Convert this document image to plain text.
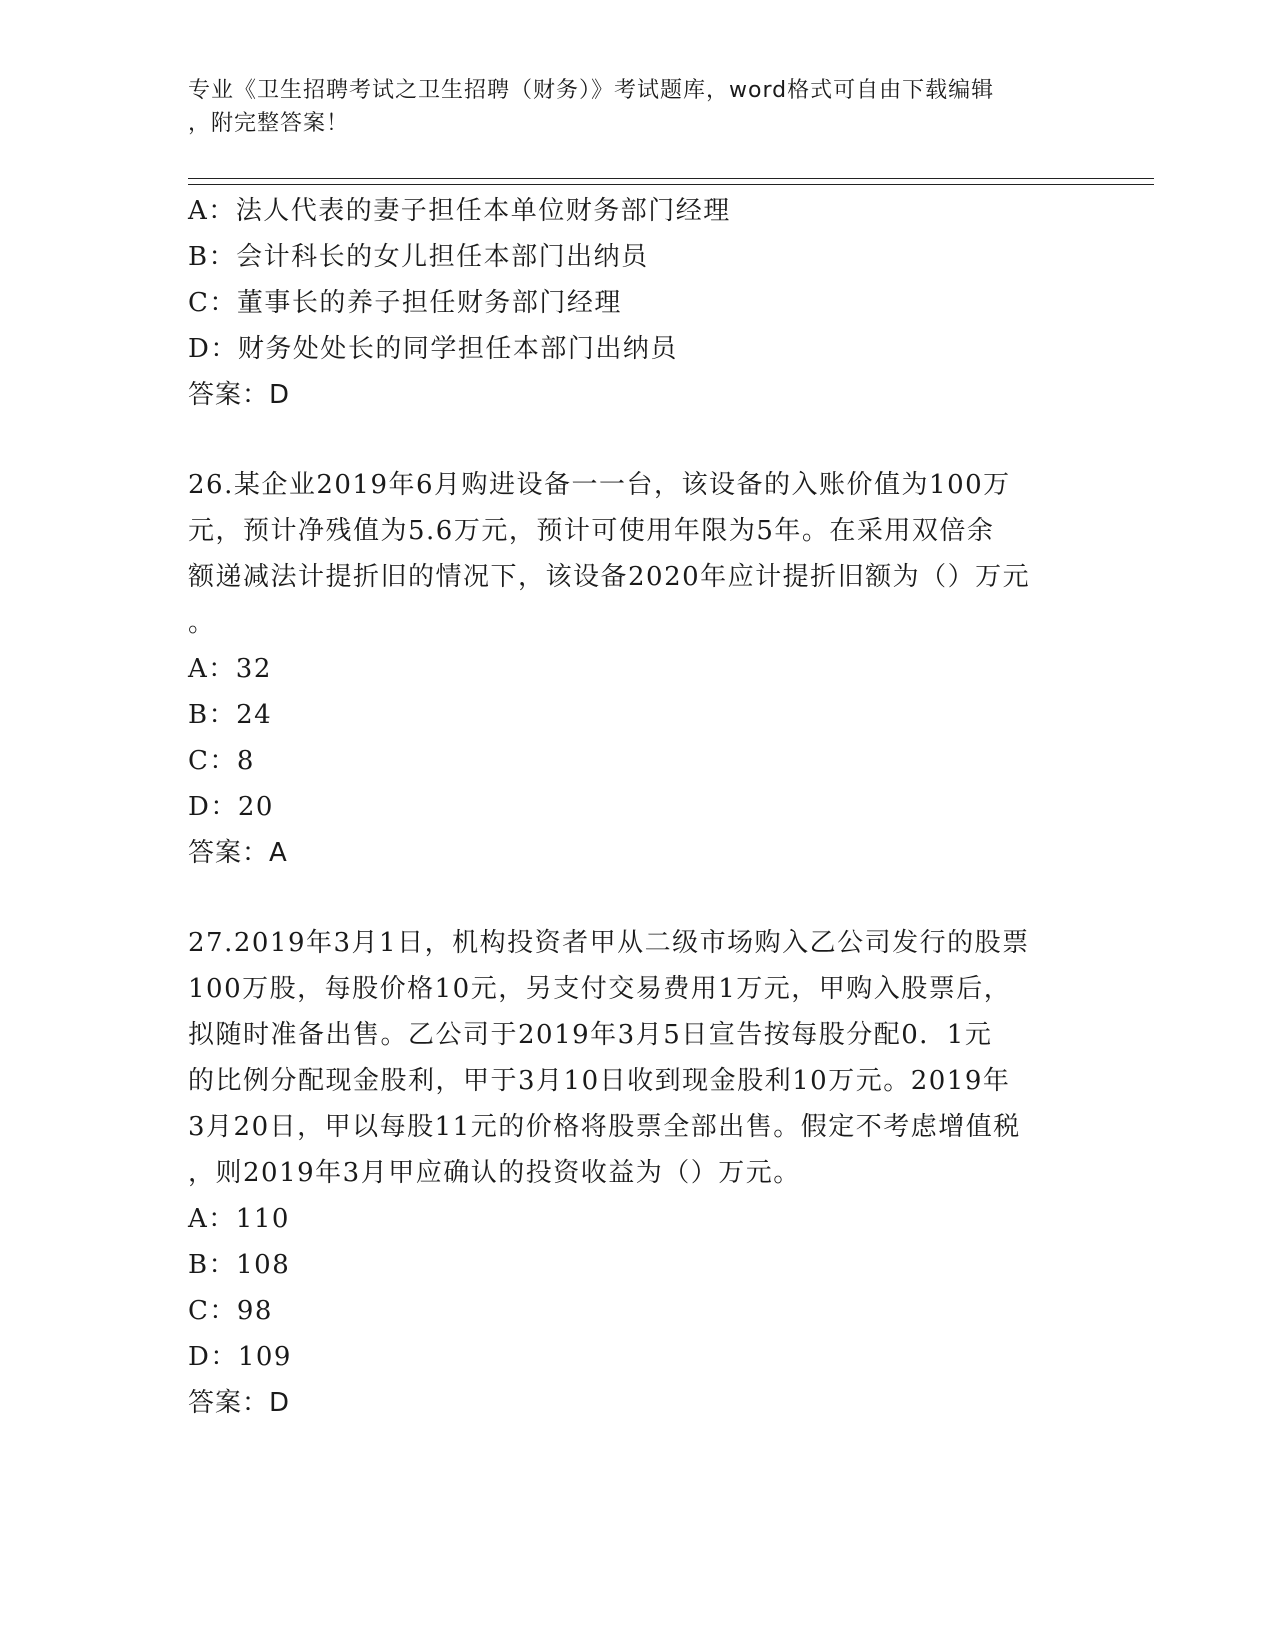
专业《卫生招聘考试之卫生招聘（财务）》考试题库，word格式可自由下载编辑
，附完整答案！
A：法人代表的妻子担任本单位财务部门经理
B：会计科长的女儿担任本部门出纳员
C：董事长的养子担任财务部门经理
D：财务处处长的同学担任本部门出纳员
答案：D
26.某企业2019年6月购进设备一一台，该设备的入账价值为100万
元，预计净残值为5.6万元，预计可使用年限为5年。在采用双倍余
额递减法计提折旧的情况下，该设备2020年应计提折旧额为（）万元
。
A：32
B：24
C：8
D：20
答案：A
27.2019年3月1日，机构投资者甲从二级市场购入乙公司发行的股票
100万股，每股价格10元，另支付交易费用1万元，甲购入股票后，
拟随时准备出售。乙公司于2019年3月5日宣告按每股分配0．1元
的比例分配现金股利，甲于3月10日收到现金股利10万元。2019年
3月20日，甲以每股11元的价格将股票全部出售。假定不考虑增值税
，则2019年3月甲应确认的投资收益为（）万元。
A：110
B：108
C：98
D：109
答案：D
